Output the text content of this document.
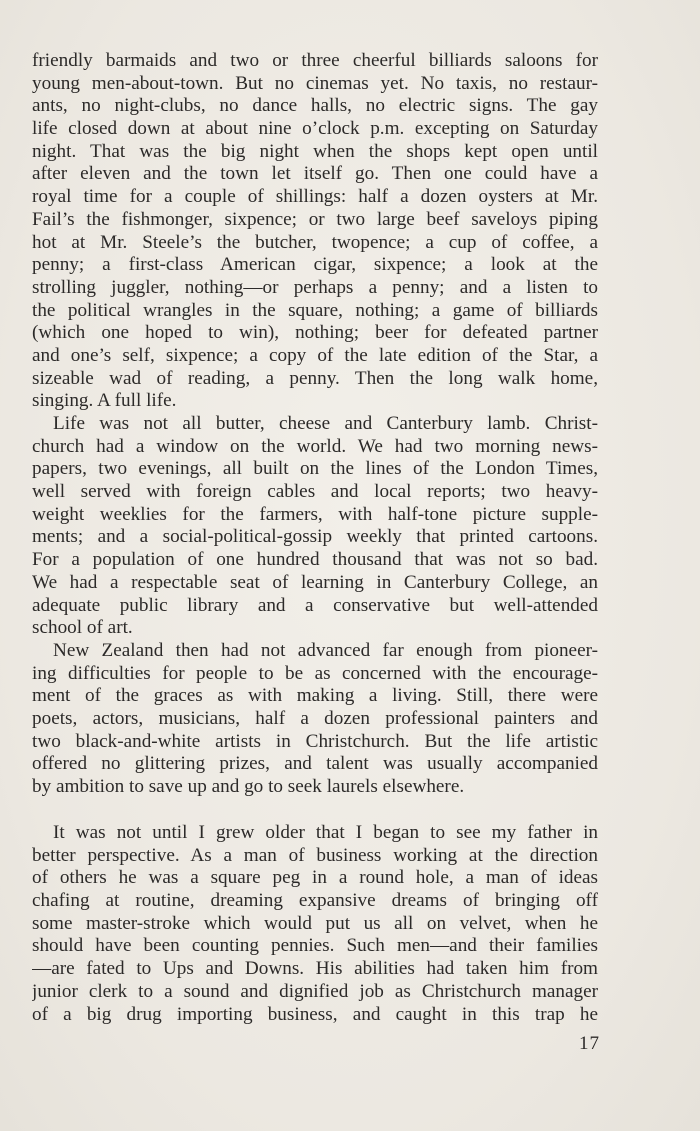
friendly barmaids and two or three cheerful billiards saloons for
young men-about-town. But no cinemas yet. No taxis, no restaur-
ants, no night-clubs, no dance halls, no electric signs. The gay
life closed down at about nine o’clock p.m. excepting on Saturday
night. That was the big night when the shops kept open until
after eleven and the town let itself go. Then one could have a
royal time for a couple of shillings: half a dozen oysters at Mr.
Fail’s the fishmonger, sixpence; or two large beef saveloys piping
hot at Mr. Steele’s the butcher, twopence; a cup of coffee, a
penny; a first-class American cigar, sixpence; a look at the
strolling juggler, nothing—or perhaps a penny; and a listen to
the political wrangles in the square, nothing; a game of billiards
(which one hoped to win), nothing; beer for defeated partner
and one’s self, sixpence; a copy of the late edition of the Star, a
sizeable wad of reading, a penny. Then the long walk home,
singing. A full life.
Life was not all butter, cheese and Canterbury lamb. Christ-
church had a window on the world. We had two morning news-
papers, two evenings, all built on the lines of the London Times,
well served with foreign cables and local reports; two heavy-
weight weeklies for the farmers, with half-tone picture supple-
ments; and a social-political-gossip weekly that printed cartoons.
For a population of one hundred thousand that was not so bad.
We had a respectable seat of learning in Canterbury College, an
adequate public library and a conservative but well-attended
school of art.
New Zealand then had not advanced far enough from pioneer-
ing difficulties for people to be as concerned with the encourage-
ment of the graces as with making a living. Still, there were
poets, actors, musicians, half a dozen professional painters and
two black-and-white artists in Christchurch. But the life artistic
offered no glittering prizes, and talent was usually accompanied
by ambition to save up and go to seek laurels elsewhere.
It was not until I grew older that I began to see my father in
better perspective. As a man of business working at the direction
of others he was a square peg in a round hole, a man of ideas
chafing at routine, dreaming expansive dreams of bringing off
some master-stroke which would put us all on velvet, when he
should have been counting pennies. Such men—and their families
—are fated to Ups and Downs. His abilities had taken him from
junior clerk to a sound and dignified job as Christchurch manager
of a big drug importing business, and caught in this trap he
17
